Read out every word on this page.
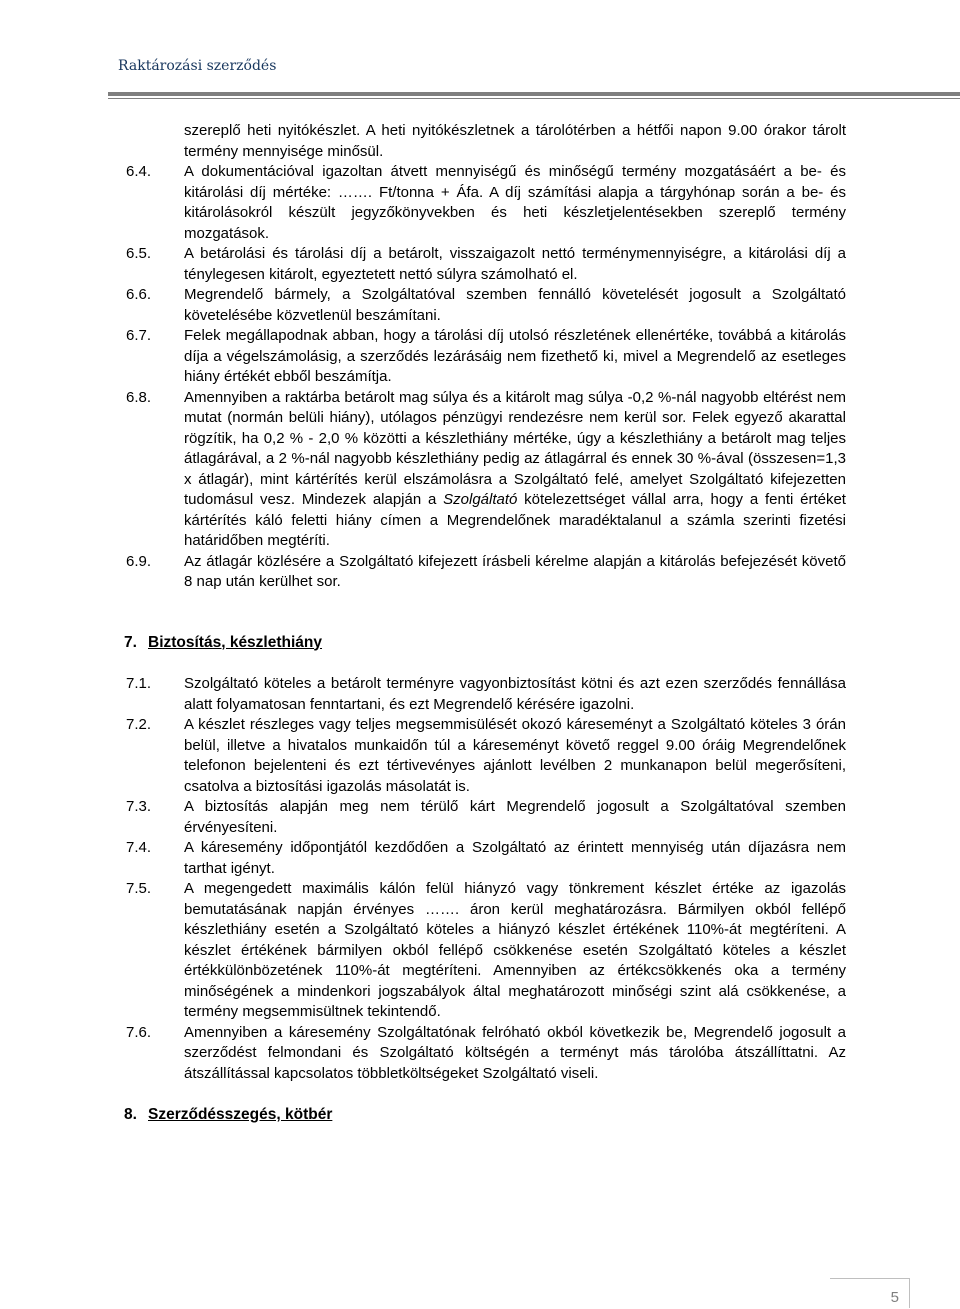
Raktározási szerződés
szereplő heti nyitókészlet. A heti nyitókészletnek a tárolótérben a hétfői napon 9.00 órakor tárolt termény mennyisége minősül.
6.4. A dokumentációval igazoltan átvett mennyiségű és minőségű termény mozgatásáért a be- és kitárolási díj mértéke: ……. Ft/tonna + Áfa. A díj számítási alapja a tárgyhónap során a be- és kitárolásokról készült jegyzőkönyvekben és heti készletjelentésekben szereplő termény mozgatások.
6.5. A betárolási és tárolási díj a betárolt, visszaigazolt nettó terménymennyiségre, a kitárolási díj a ténylegesen kitárolt, egyeztetett nettó súlyra számolható el.
6.6. Megrendelő bármely, a Szolgáltatóval szemben fennálló követelését jogosult a Szolgáltató követelésébe közvetlenül beszámítani.
6.7. Felek megállapodnak abban, hogy a tárolási díj utolsó részletének ellenértéke, továbbá a kitárolás díja a végelszámolásig, a szerződés lezárásáig nem fizethető ki, mivel a Megrendelő az esetleges hiány értékét ebből beszámítja.
6.8. Amennyiben a raktárba betárolt mag súlya és a kitárolt mag súlya -0,2 %-nál nagyobb eltérést nem mutat (normán belüli hiány), utólagos pénzügyi rendezésre nem kerül sor. Felek egyező akarattal rögzítik, ha 0,2 % - 2,0 % közötti a készlethiány mértéke, úgy a készlethiány a betárolt mag teljes átlagárával, a 2 %-nál nagyobb készlethiány pedig az átlagárral és ennek 30 %-ával (összesen=1,3 x átlagár), mint kártérítés kerül elszámolásra a Szolgáltató felé, amelyet Szolgáltató kifejezetten tudomásul vesz. Mindezek alapján a Szolgáltató kötelezettséget vállal arra, hogy a fenti értéket kártérítés káló feletti hiány címen a Megrendelőnek maradéktalanul a számla szerinti fizetési határidőben megtéríti.
6.9. Az átlagár közlésére a Szolgáltató kifejezett írásbeli kérelme alapján a kitárolás befejezését követő 8 nap után kerülhet sor.
7. Biztosítás, készlethiány
7.1. Szolgáltató köteles a betárolt terményre vagyonbiztosítást kötni és azt ezen szerződés fennállása alatt folyamatosan fenntartani, és ezt Megrendelő kérésére igazolni.
7.2. A készlet részleges vagy teljes megsemmisülését okozó káreseményt a Szolgáltató köteles 3 órán belül, illetve a hivatalos munkaidőn túl a káreseményt követő reggel 9.00 óráig Megrendelőnek telefonon bejelenteni és ezt tértivevényes ajánlott levélben 2 munkanapon belül megerősíteni, csatolva a biztosítási igazolás másolatát is.
7.3. A biztosítás alapján meg nem térülő kárt Megrendelő jogosult a Szolgáltatóval szemben érvényesíteni.
7.4. A káresemény időpontjától kezdődően a Szolgáltató az érintett mennyiség után díjazásra nem tarthat igényt.
7.5. A megengedett maximális kálón felül hiányzó vagy tönkrement készlet értéke az igazolás bemutatásának napján érvényes ……. áron kerül meghatározásra. Bármilyen okból fellépő készlethiány esetén a Szolgáltató köteles a hiányzó készlet értékének 110%-át megtéríteni. A készlet értékének bármilyen okból fellépő csökkenése esetén Szolgáltató köteles a készlet értékkülönbözetének 110%-át megtéríteni. Amennyiben az értékcsökkenés oka a termény minőségének a mindenkori jogszabályok által meghatározott minőségi szint alá csökkenése, a termény megsemmisültnek tekintendő.
7.6. Amennyiben a káresemény Szolgáltatónak felróható okból következik be, Megrendelő jogosult a szerződést felmondani és Szolgáltató költségén a terményt más tárolóba átszállíttatni. Az átszállítással kapcsolatos többletköltségeket Szolgáltató viseli.
8. Szerződésszegés, kötbér
5
